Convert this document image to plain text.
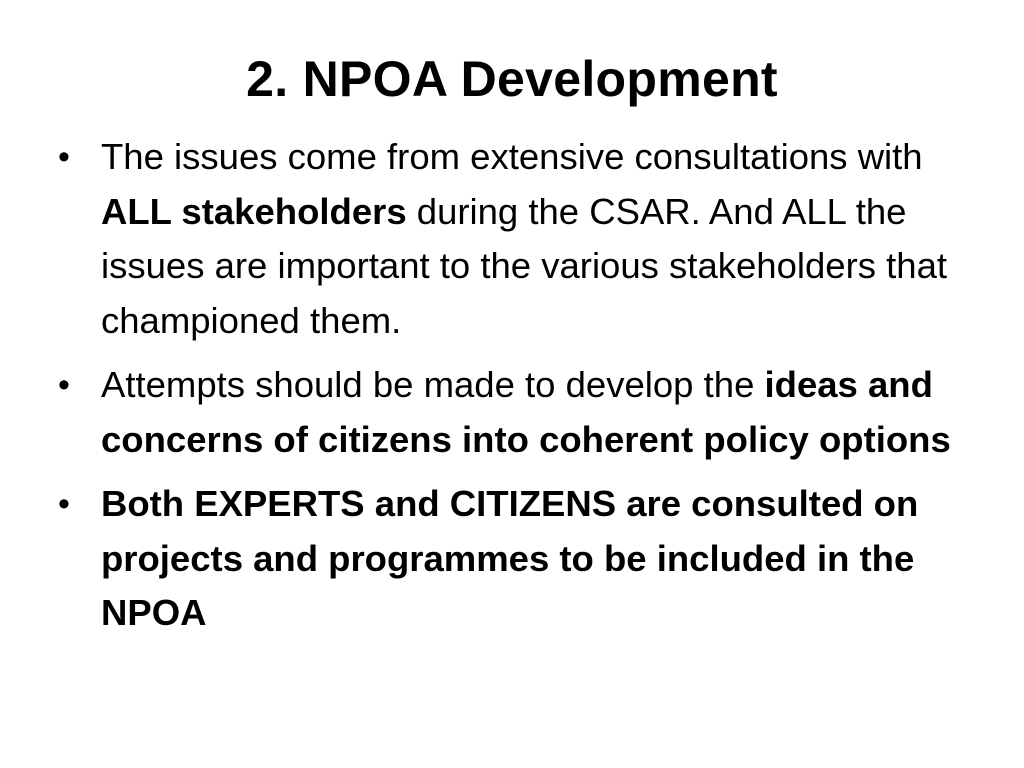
2. NPOA Development
• The issues come from extensive consultations with ALL stakeholders during the CSAR. And ALL the issues are important to the various stakeholders that championed them.
• Attempts should be made to develop the ideas and concerns of citizens into coherent policy options
• Both EXPERTS and CITIZENS are consulted on projects and programmes to be included in the NPOA
